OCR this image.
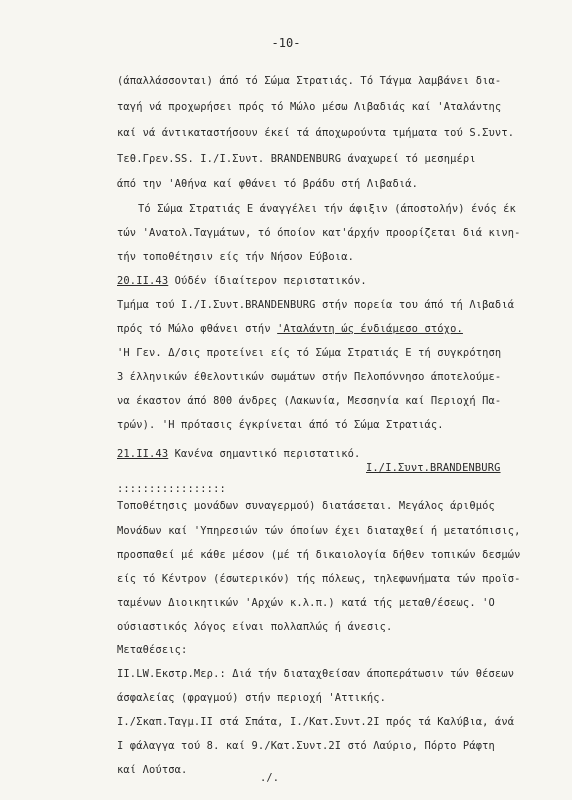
-10-
(άπαλλάσσονται) άπό τό Σώμα Στρατιάς. Τό Τάγμα λαμβάνει δια-
ταγή νά προχωρήσει πρός τό Μώλο μέσω Λιβαδιάς καί 'Αταλάντης
καί νά άντικαταστήσουν έκεί τά άποχωρούντα τμήματα τού S.Συντ.
Τεθ.Γρεν.SS. Ι./Ι.Συντ. BRANDENBURG άναχωρεί τό μεσημέρι
άπό την 'Αθήνα καί φθάνει τό βράδυ στή Λιβαδιά.
Τό Σώμα Στρατιάς Ε άναγγέλει τήν άφιξιν (άποστολήν) ένός έκ
τών 'Ανατολ.Ταγμάτων, τό όποίον κατ'άρχήν προορίζεται διά κινη-
τήν τοποθέτησιν είς τήν Νήσον Εύβοια.
20.ΙΙ.43 Ούδέν ίδιαίτερον περιστατικόν.
Τμήμα τού Ι./Ι.Συντ.BRANDENBURG στήν πορεία του άπό τή Λιβαδιά
πρός τό Μώλο φθάνει στήν 'Αταλάντη ώς ένδιάμεσο στόχο.
'Η Γεν. Δ/σις προτείνει είς τό Σώμα Στρατιάς Ε τή συγκρότηση
3 έλληνικών έθελοντικών σωμάτων στήν Πελοπόννησο άποτελούμε-
να έκαστον άπό 800 άνδρες (Λακωνία, Μεσσηνία καί Περιοχή Πα-
τρών). 'Η πρότασις έγκρίνεται άπό τό Σώμα Στρατιάς.
21.ΙΙ.43 Κανένα σημαντικό περιστατικό.
Ι./Ι.Συντ.BRANDENBURG
:::::::::::::::::
Τοποθέτησις μονάδων συναγερμού) διατάσεται. Μεγάλος άριθμός
Μονάδων καί 'Υπηρεσιών τών όποίων έχει διαταχθεί ή μετατόπισις,
προσπαθεί μέ κάθε μέσον (μέ τή δικαιολογία δήθεν τοπικών δεσμών
είς τό Κέντρον (έσωτερικόν) τής πόλεως, τηλεφωνήματα τών προϊσ-
ταμένων Διοικητικών 'Αρχών κ.λ.π.) κατά τής μεταθ/έσεως. 'Ο
ούσιαστικός λόγος είναι πολλαπλώς ή άνεσις.
Μεταθέσεις:
ΙΙ.LW.Εκστρ.Μερ.: Διά τήν διαταχθείσαν άποπεράτωσιν τών θέσεων
άσφαλείας (φραγμού) στήν περιοχή 'Αττικής.
Ι./Σκαπ.Ταγμ.ΙΙ στά Σπάτα, Ι./Κατ.Συντ.2Ι πρός τά Καλύβια, άνά
Ι φάλαγγα τού 8. καί 9./Κατ.Συντ.2Ι στό Λαύριο, Πόρτο Ράφτη
καί Λούτσα.
./.
